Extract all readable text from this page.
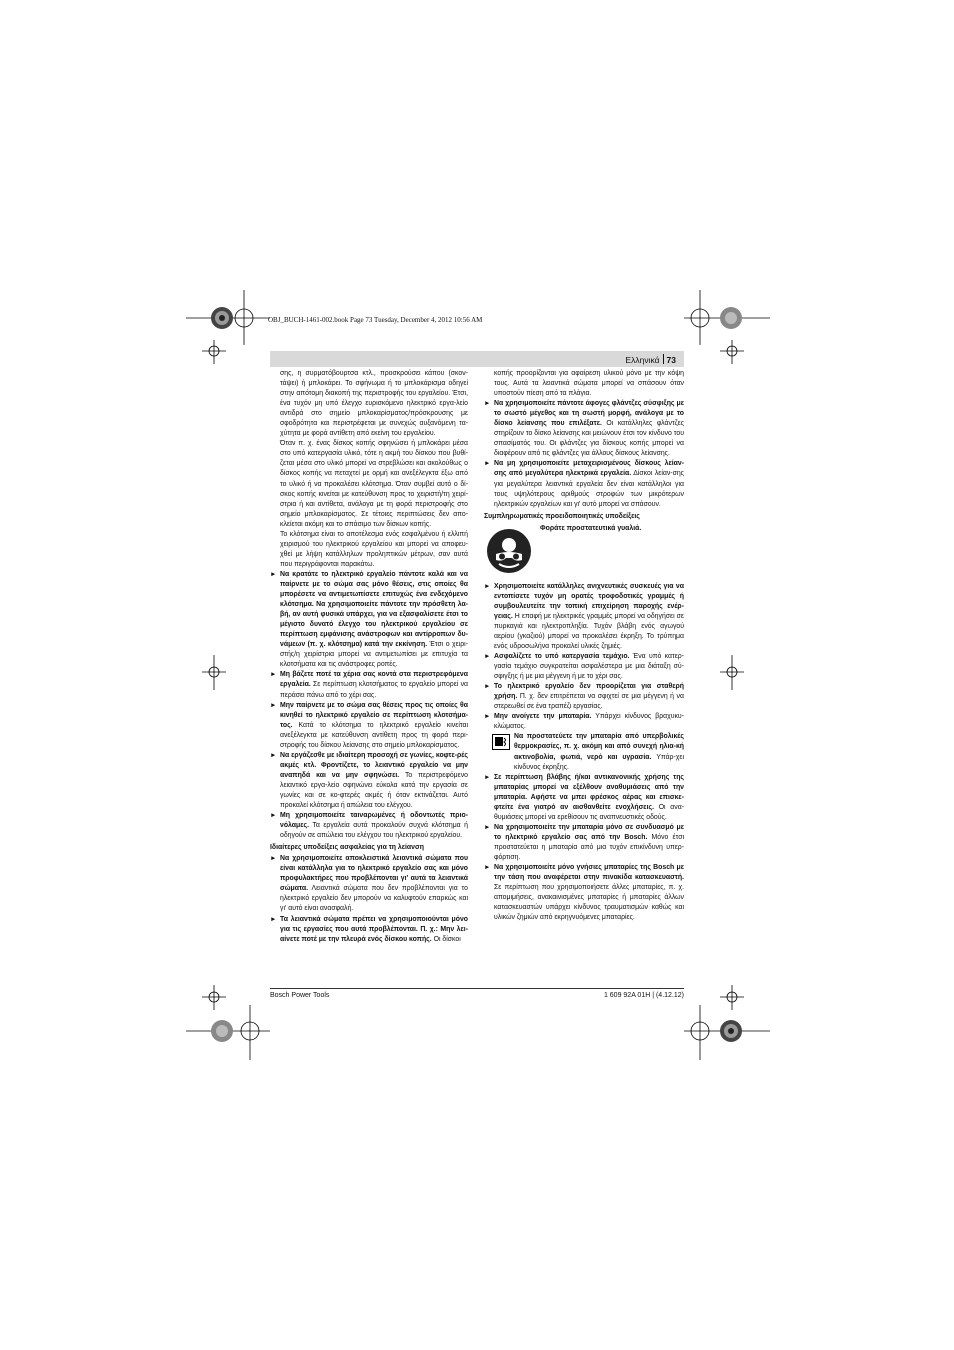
OBJ_BUCH-1461-002.book Page 73 Tuesday, December 4, 2012 10:56 AM
Ελληνικά 73

σης, η συρματόβουρτσα κτλ., προσκρούσει κάπου (σκον-τάψει) ή μπλοκάρει. Το σφήνωμα ή το μπλοκάρισμα οδηγεί στην απότομη διακοπή της περιστροφής του εργαλείου. Έτσι, ένα τυχόν μη υπό έλεγχο ευρισκόμενο ηλεκτρικό εργα-λείο αντιδρά στο σημείο μπλοκαρίσματος/πρόσκρουσης με σφοδρότητα και περιστρέφεται με συνεχώς αυξανόμενη τα-χύτητα με φορά αντίθετη από εκείνη του εργαλείου.

Όταν π. χ. ένας δίσκος κοπής σφηνώσει ή μπλοκάρει μέσα στο υπό κατεργασία υλικό, τότε η ακμή του δίσκου που βυθί-ζεται μέσα στο υλικό μπορεί να στρεβλώσει και ακολούθως ο δίσκος κοπής να πεταχτεί με ορμή και ανεξέλεγκτα έξω από το υλικό ή να προκαλέσει κλότσημα. Όταν συμβεί αυτό ο δί-σκος κοπής κινείται με κατεύθυνση προς το χειριστή/τη χειρί-στρια ή και αντίθετα, ανάλογα με τη φορά περιστροφής στο σημείο μπλοκαρίσματος. Σε τέτοιες περιπτώσεις δεν απο-κλείεται ακόμη και το σπάσιμο των δίσκων κοπής.

Το κλότσημα είναι το αποτέλεσμα ενός εσφαλμένου ή ελλιπή χειρισμού του ηλεκτρικού εργαλείου και μπορεί να αποφευ-χθεί με λήψη κατάλληλων προληπτικών μέτρων, σαν αυτά που περιγράφονται παρακάτω.

► Να κρατάτε το ηλεκτρικό εργαλείο πάντοτε καλά και να παίρνετε με το σώμα σας μόνο θέσεις, στις οποίες θα μπορέσετε να αντιμετωπίσετε επιτυχώς ένα ενδεχόμενο κλότσημα. Να χρησιμοποιείτε πάντοτε την πρόσθετη λα-βή, αν αυτή φυσικά υπάρχει, για να εξασφαλίσετε έτσι το μέγιστο δυνατό έλεγχο του ηλεκτρικού εργαλείου σε περίπτωση εμφάνισης ανάστροφων και αντίρροπων δυ-νάμεων (π. χ. κλότσημα) κατά την εκκίνηση. Έτσι ο χειρι-στής/η χειρίστρια μπορεί να αντιμετωπίσει με επιτυχία τα κλοτσήματα και τις ανάστροφες ροπές.
► Μη βάζετε ποτέ τα χέρια σας κοντά στα περιστρεφόμενα εργαλεία. Σε περίπτωση κλοτσήματος το εργαλείο μπορεί να περάσει πάνω από το χέρι σας.
► Μην παίρνετε με το σώμα σας θέσεις προς τις οποίες θα κινηθεί το ηλεκτρικό εργαλείο σε περίπτωση κλοτσήμα-τος. Κατά το κλότσημα το ηλεκτρικό εργαλείο κινείται ανεξέλεγκτα με κατεύθυνση αντίθετη προς τη φορά περι-στροφής του δίσκου λείανσης στο σημείο μπλοκαρίσματος.
► Να εργάζεσθε με ιδιαίτερη προσοχή σε γωνίες, κοφτε-ρές ακμές κτλ. Φροντίζετε, το λειαντικό εργαλείο να μην αναπηδά και να μην σφηνώσει. Το περιστρεφόμενο λειαντικό εργα-λείο σφηνώνει εύκολα κατά την εργασία σε γωνίες και σε κο-φτερές ακμές ή όταν εκτινάζεται. Αυτό προκαλεί κλότσημα ή απώλεια του ελέγχου.
► Μη χρησιμοποιείτε ταιναρωμένες ή οδοντωτές πριο-νόλαμες. Τα εργαλεία αυτά προκαλούν συχνά κλότσημα ή οδηγούν σε απώλεια του ελέγχου του ηλεκτρικού εργαλείου.
Ιδιαίτερες υποδείξεις ασφαλείας για τη λείανση
► Να χρησιμοποιείτε αποκλειστικά λειαντικά σώματα που είναι κατάλληλα για το ηλεκτρικό εργαλείο σας και μόνο προφυλακτήρες που προβλέπονται γι' αυτά τα λειαντικά σώματα. Λειαντικά σώματα που δεν προβλέπονται για το ηλεκτρικό εργαλείο δεν μπορούν να καλυφτούν επαρκώς και γι' αυτό είναι ανασφαλή.
► Τα λειαντικά σώματα πρέπει να χρησιμοποιούνται μόνο για τις εργασίες που αυτά προβλέπονται. Π. χ.: Μην λει-αίνετε ποτέ με την πλευρά ενός δίσκου κοπής. Οι δίσκοι

κοπής προορίζονται για αφαίρεση υλικού μόνο με την κόψη τους. Αυτά τα λειαντικά σώματα μπορεί να σπάσουν όταν υποστούν πίεση από τα πλάγια.

► Να χρησιμοποιείτε πάντοτε άφογες φλάντζες σύσφιξης με το σωστό μέγεθος και τη σωστή μορφή, ανάλογα με το δίσκο λείανσης που επιλέξατε. Οι κατάλληλες φλάντζες στηρίζουν το δίσκο λείανσης και μειώνουν έτσι τον κίνδυνο του σπασίματός του. Οι φλάντζες για δίσκους κοπής μπορεί να διαφέρουν από τις φλάντζες για άλλους δίσκους λείανσης.
► Να μη χρησιμοποιείτε μεταχειρισμένους δίσκους λείαν-σης από μεγαλύτερα ηλεκτρικά εργαλεία. Δίσκοι λείαν-σης για μεγαλύτερα λειαντικά εργαλεία δεν είναι κατάλληλοι για τους υψηλότερους αριθμούς στροφών των μικρότερων ηλεκτρικών εργαλείων και γι' αυτό μπορεί να σπάσουν.
Συμπληρωματικές προειδοποιητικές υποδείξεις
Φοράτε προστατευτικά γυαλιά.
► Χρησιμοποιείτε κατάλληλες ανιχνευτικές συσκευές για να εντοπίσετε τυχόν μη ορατές τροφοδοτικές γραμμές ή συμβουλευτείτε την τοπική επιχείρηση παροχής ενέρ-γειας. Η επαφή με ηλεκτρικές γραμμές μπορεί να οδηγήσει σε πυρκαγιά και ηλεκτροπληξία. Τυχόν βλάβη ενός αγωγού αερίου (γκαζιού) μπορεί να προκαλέσει έκρηξη. Το τρύπημα ενός υδροσωλήνα προκαλεί υλικές ζημιές.
► Ασφαλίζετε το υπό κατεργασία τεμάχιο. Ένα υπό κατερ-γασία τεμάχιο συγκρατείται ασφαλέστερα με μια διάταξη σύ-σφιγξης ή με μια μέγγενη ή με το χέρι σας.
► Το ηλεκτρικό εργαλείο δεν προορίζεται για σταθερή χρήση. Π. χ. δεν επιτρέπεται να σφιχτεί σε μια μέγγενη ή να στερεωθεί σε ένα τραπέζι εργασίας.
► Μην ανοίγετε την μπαταρία. Υπάρχει κίνδυνος βραχυκυ-κλώματος.
Να προστατεύετε την μπαταρία από υπερβολικές θερμοκρασίες, π. χ. ακόμη και από συνεχή ηλια-κή ακτινοβολία, φωτιά, νερό και υγρασία. Υπάρ-χει κίνδυνος έκρηξης.
► Σε περίπτωση βλάβης ή/και αντικανονικής χρήσης της μπαταρίας μπορεί να εξέλθουν αναθυμιάσεις από την μπαταρία. Αφήστε να μπει φρέσκος αέρας και επισκε-φτείτε ένα γιατρό αν αισθανθείτε ενοχλήσεις. Οι ανα-θυμιάσεις μπορεί να ερεθίσουν τις αναπνευστικές οδούς.
► Να χρησιμοποιείτε την μπαταρία μόνο σε συνδυασμό με το ηλεκτρικό εργαλείο σας από την Bosch. Μόνο έτσι προστατεύεται η μπαταρία από μια τυχόν επικίνδυνη υπερ-φόρτιση.
► Να χρησιμοποιείτε μόνο γνήσιες μπαταρίες της Bosch με την τάση που αναφέρεται στην πινακίδα κατασκευαστή. Σε περίπτωση που χρησιμοποιήσετε άλλες μπαταρίες, π. χ. απομιμήσεις, ανακαινισμένες μπαταρίες ή μπαταρίες άλλων κατασκευαστών υπάρχει κίνδυνος τραυματισμών καθώς και υλικών ζημιών από εκρηγνυόμενες μπαταρίες.
Bosch Power Tools	1 609 92A 01H | (4.12.12)
